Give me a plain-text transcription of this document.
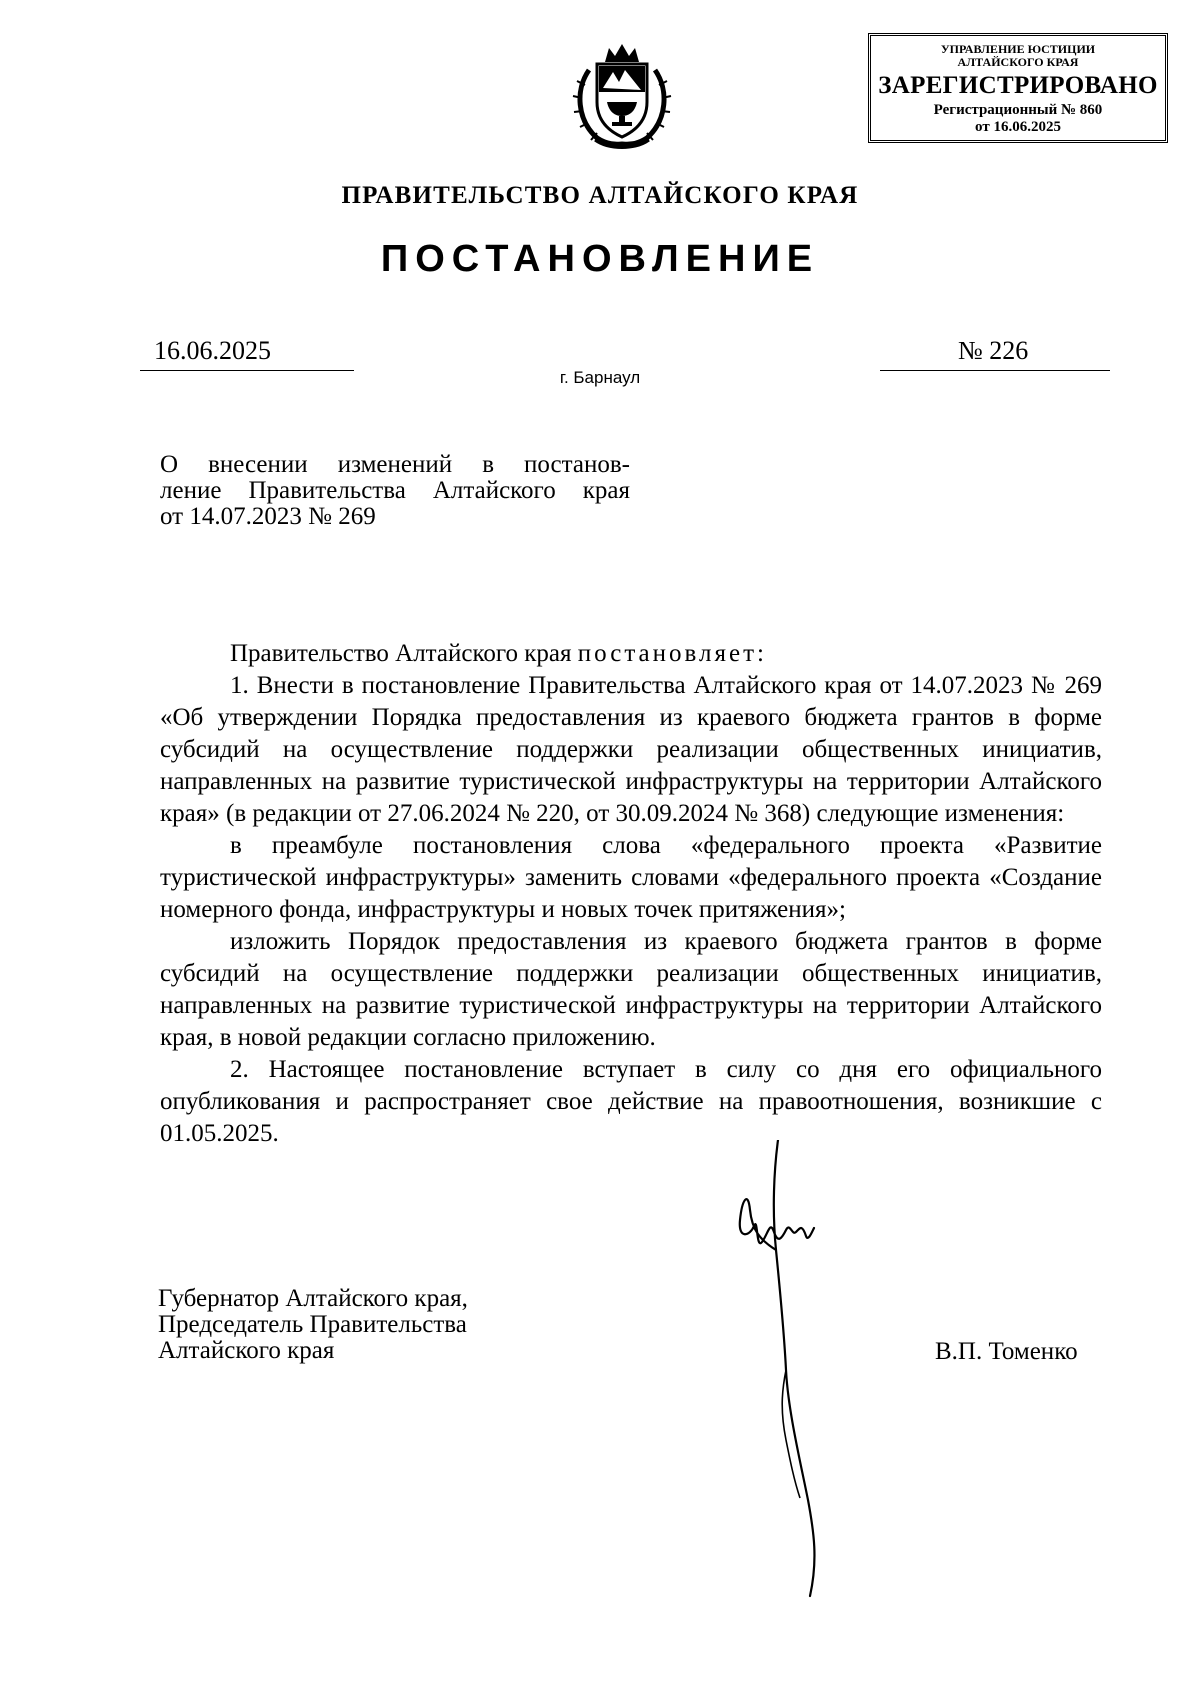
УПРАВЛЕНИЕ ЮСТИЦИИ
АЛТАЙСКОГО КРАЯ
ЗАРЕГИСТРИРОВАНО
Регистрационный № 860
от 16.06.2025
ПРАВИТЕЛЬСТВО АЛТАЙСКОГО КРАЯ
ПОСТАНОВЛЕНИЕ
16.06.2025	№ 226
г. Барнаул
О внесении изменений в постанов-
ление Правительства Алтайского края
от 14.07.2023 № 269
Правительство Алтайского края постановляет:
1. Внести в постановление Правительства Алтайского края от 14.07.2023 № 269 «Об утверждении Порядка предоставления из краевого бюджета грантов в форме субсидий на осуществление поддержки реализации общественных инициатив, направленных на развитие туристической инфраструктуры на территории Алтайского края» (в редакции от 27.06.2024 № 220, от 30.09.2024 № 368) следующие изменения:
в преамбуле постановления слова «федерального проекта «Развитие туристической инфраструктуры» заменить словами «федерального проекта «Создание номерного фонда, инфраструктуры и новых точек притяжения»;
изложить Порядок предоставления из краевого бюджета грантов в форме субсидий на осуществление поддержки реализации общественных инициатив, направленных на развитие туристической инфраструктуры на территории Алтайского края, в новой редакции согласно приложению.
2. Настоящее постановление вступает в силу со дня его официального опубликования и распространяет свое действие на правоотношения, возникшие с 01.05.2025.
Губернатор Алтайского края,
Председатель Правительства
Алтайского края	В.П. Томенко
